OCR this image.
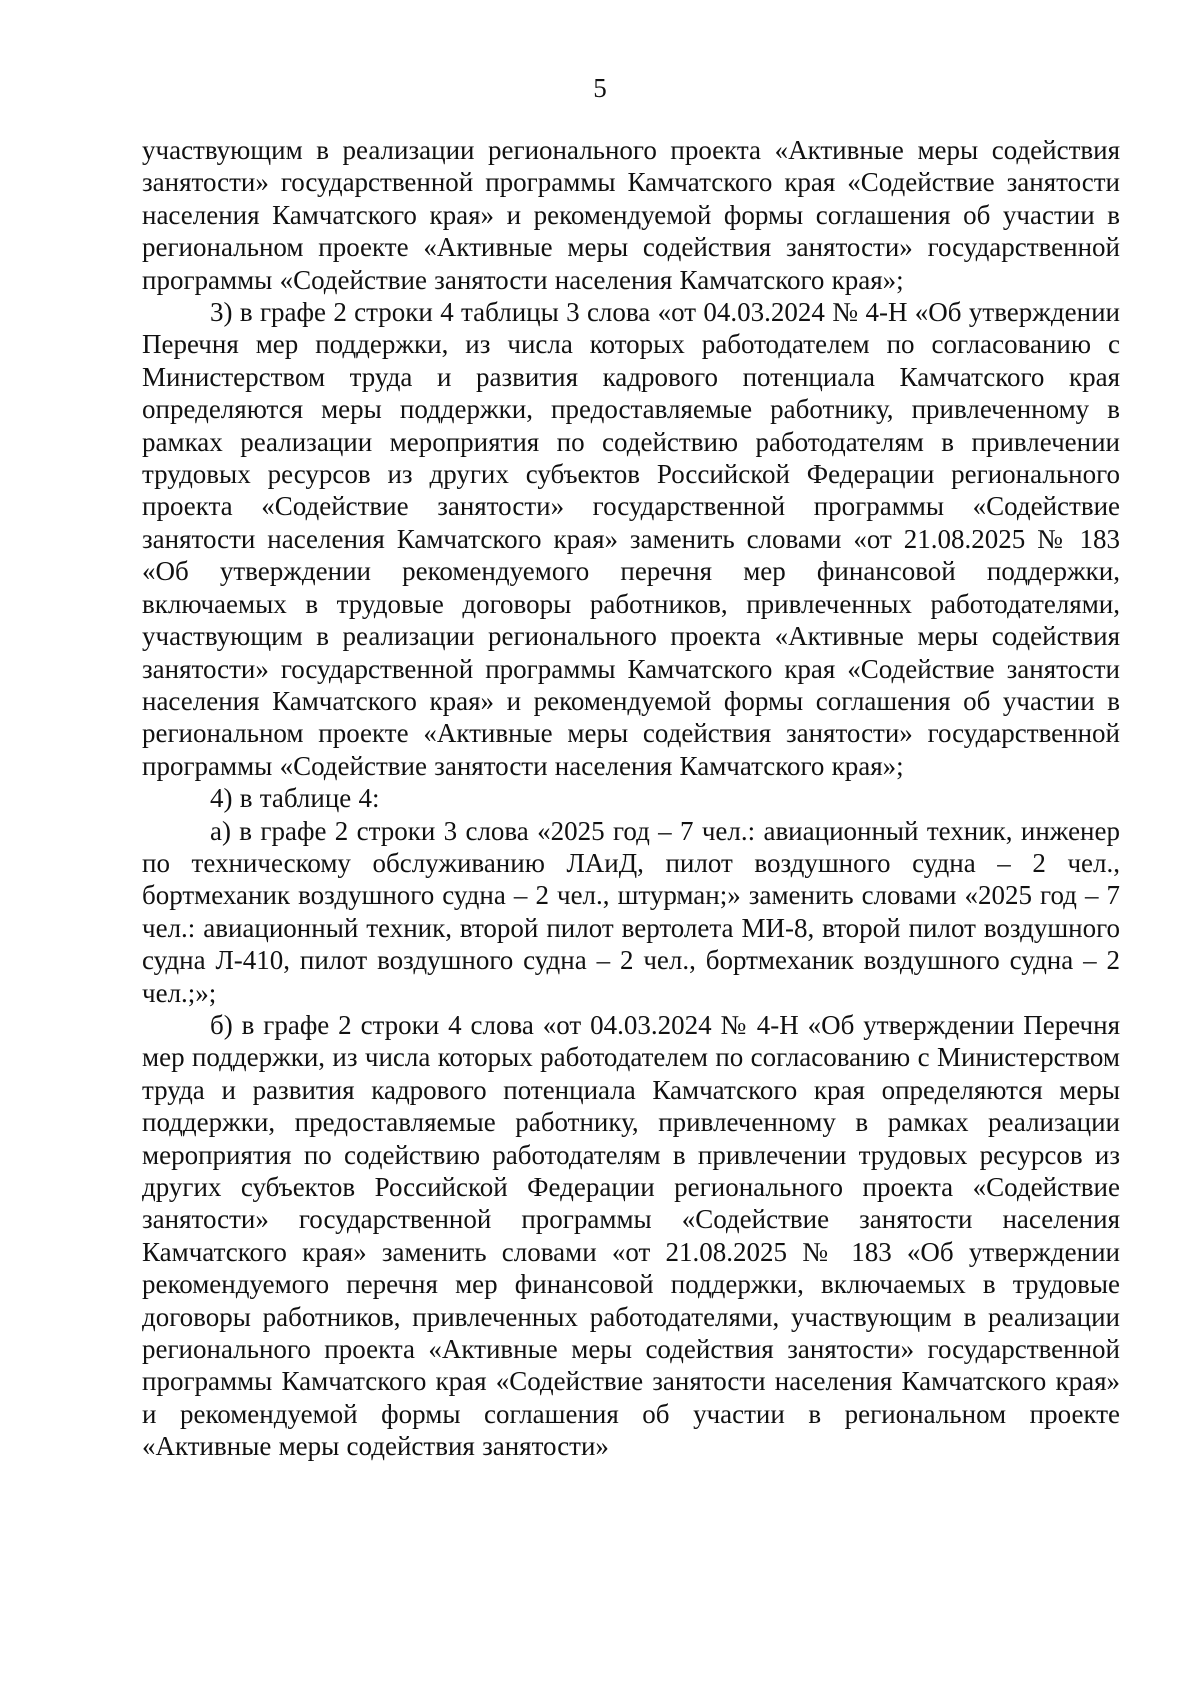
5

участвующим в реализации регионального проекта «Активные меры содействия занятости» государственной программы Камчатского края «Содействие занятости населения Камчатского края» и рекомендуемой формы соглашения об участии в региональном проекте «Активные меры содействия занятости» государственной программы «Содействие занятости населения Камчатского края»;

3) в графе 2 строки 4 таблицы 3 слова «от 04.03.2024 № 4-Н «Об утверждении Перечня мер поддержки, из числа которых работодателем по согласованию с Министерством труда и развития кадрового потенциала Камчатского края определяются меры поддержки, предоставляемые работнику, привлеченному в рамках реализации мероприятия по содействию работодателям в привлечении трудовых ресурсов из других субъектов Российской Федерации регионального проекта «Содействие занятости» государственной программы «Содействие занятости населения Камчатского края» заменить словами «от 21.08.2025 № 183 «Об утверждении рекомендуемого перечня мер финансовой поддержки, включаемых в трудовые договоры работников, привлеченных работодателями, участвующим в реализации регионального проекта «Активные меры содействия занятости» государственной программы Камчатского края «Содействие занятости населения Камчатского края» и рекомендуемой формы соглашения об участии в региональном проекте «Активные меры содействия занятости» государственной программы «Содействие занятости населения Камчатского края»;

4) в таблице 4:

а) в графе 2 строки 3 слова «2025 год – 7 чел.: авиационный техник, инженер по техническому обслуживанию ЛАиД, пилот воздушного судна – 2 чел., бортмеханик воздушного судна – 2 чел., штурман;» заменить словами «2025 год – 7 чел.: авиационный техник, второй пилот вертолета МИ-8, второй пилот воздушного судна Л-410, пилот воздушного судна – 2 чел., бортмеханик воздушного судна – 2 чел.;»;

б) в графе 2 строки 4 слова «от 04.03.2024 № 4-Н «Об утверждении Перечня мер поддержки, из числа которых работодателем по согласованию с Министерством труда и развития кадрового потенциала Камчатского края определяются меры поддержки, предоставляемые работнику, привлеченному в рамках реализации мероприятия по содействию работодателям в привлечении трудовых ресурсов из других субъектов Российской Федерации регионального проекта «Содействие занятости» государственной программы «Содействие занятости населения Камчатского края» заменить словами «от 21.08.2025 № 183 «Об утверждении рекомендуемого перечня мер финансовой поддержки, включаемых в трудовые договоры работников, привлеченных работодателями, участвующим в реализации регионального проекта «Активные меры содействия занятости» государственной программы Камчатского края «Содействие занятости населения Камчатского края» и рекомендуемой формы соглашения об участии в региональном проекте «Активные меры содействия занятости»
